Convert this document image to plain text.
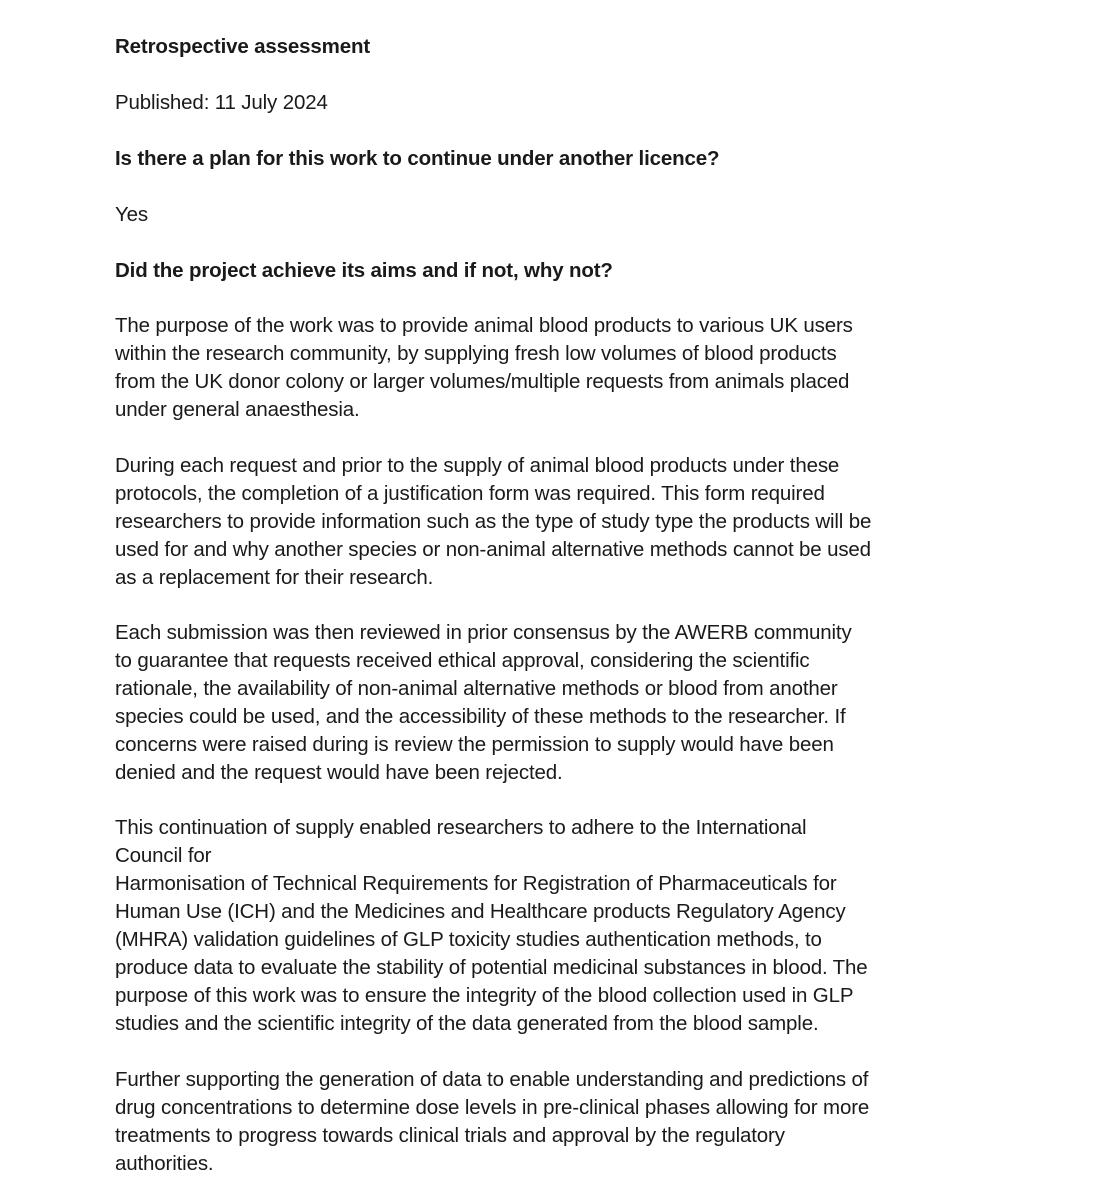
Retrospective assessment
Published: 11 July 2024
Is there a plan for this work to continue under another licence?
Yes
Did the project achieve its aims and if not, why not?
The purpose of the work was to provide animal blood products to various UK users
within the research community, by supplying fresh low volumes of blood products
from the UK donor colony or larger volumes/multiple requests from animals placed
under general anaesthesia.
During each request and prior to the supply of animal blood products under these
protocols, the completion of a justification form was required. This form required
researchers to provide information such as the type of study type the products will be
used for and why another species or non-animal alternative methods cannot be used
as a replacement for their research.
Each submission was then reviewed in prior consensus by the AWERB community
to guarantee that requests received ethical approval, considering the scientific
rationale, the availability of non-animal alternative methods or blood from another
species could be used, and the accessibility of these methods to the researcher. If
concerns were raised during is review the permission to supply would have been
denied and the request would have been rejected.
This continuation of supply enabled researchers to adhere to the International
Council for
Harmonisation of Technical Requirements for Registration of Pharmaceuticals for
Human Use (ICH) and the Medicines and Healthcare products Regulatory Agency
(MHRA) validation guidelines of GLP toxicity studies authentication methods, to
produce data to evaluate the stability of potential medicinal substances in blood. The
purpose of this work was to ensure the integrity of the blood collection used in GLP
studies and the scientific integrity of the data generated from the blood sample.
Further supporting the generation of data to enable understanding and predictions of
drug concentrations to determine dose levels in pre-clinical phases allowing for more
treatments to progress towards clinical trials and approval by the regulatory
authorities.
